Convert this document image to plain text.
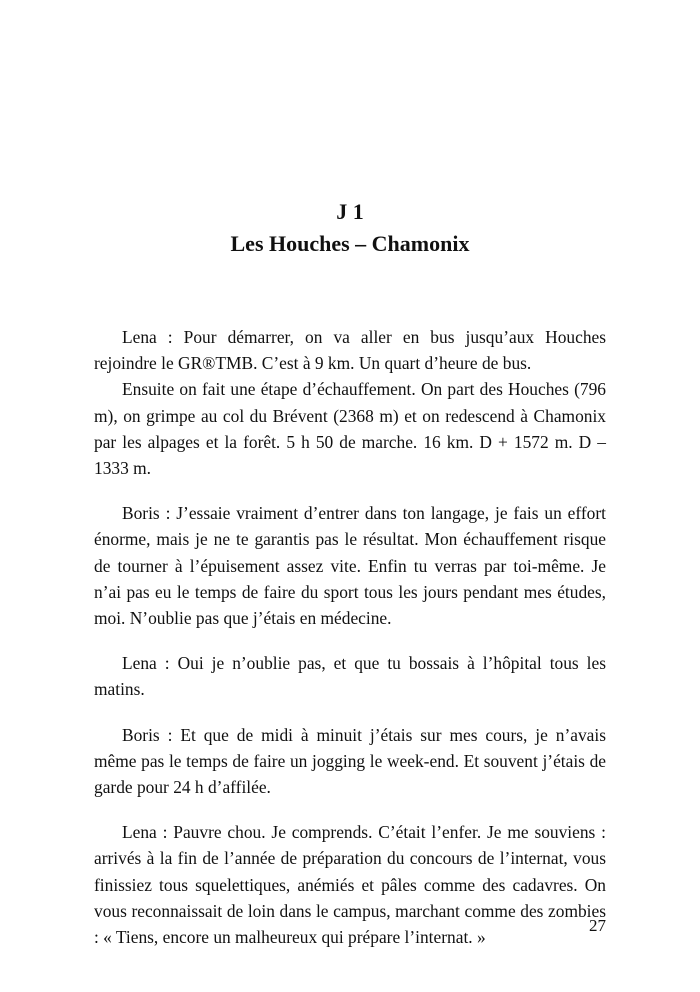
J 1
Les Houches – Chamonix

Lena : Pour démarrer, on va aller en bus jusqu’aux Houches rejoindre le GR®TMB. C’est à 9 km. Un quart d’heure de bus.

Ensuite on fait une étape d’échauffement. On part des Houches (796 m), on grimpe au col du Brévent (2368 m) et on redescend à Chamonix par les alpages et la forêt. 5 h 50 de marche. 16 km. D + 1572 m. D – 1333 m.

Boris : J’essaie vraiment d’entrer dans ton langage, je fais un effort énorme, mais je ne te garantis pas le résultat. Mon échauffement risque de tourner à l’épuisement assez vite. Enfin tu verras par toi-même. Je n’ai pas eu le temps de faire du sport tous les jours pendant mes études, moi. N’oublie pas que j’étais en médecine.

Lena : Oui je n’oublie pas, et que tu bossais à l’hôpital tous les matins.

Boris : Et que de midi à minuit j’étais sur mes cours, je n’avais même pas le temps de faire un jogging le week-end. Et souvent j’étais de garde pour 24 h d’affilée.

Lena : Pauvre chou. Je comprends. C’était l’enfer. Je me souviens : arrivés à la fin de l’année de préparation du concours de l’internat, vous finissiez tous squelettiques, anémiés et pâles comme des cadavres. On vous reconnaissait de loin dans le campus, marchant comme des zombies : « Tiens, encore un malheureux qui prépare l’internat. »

27
